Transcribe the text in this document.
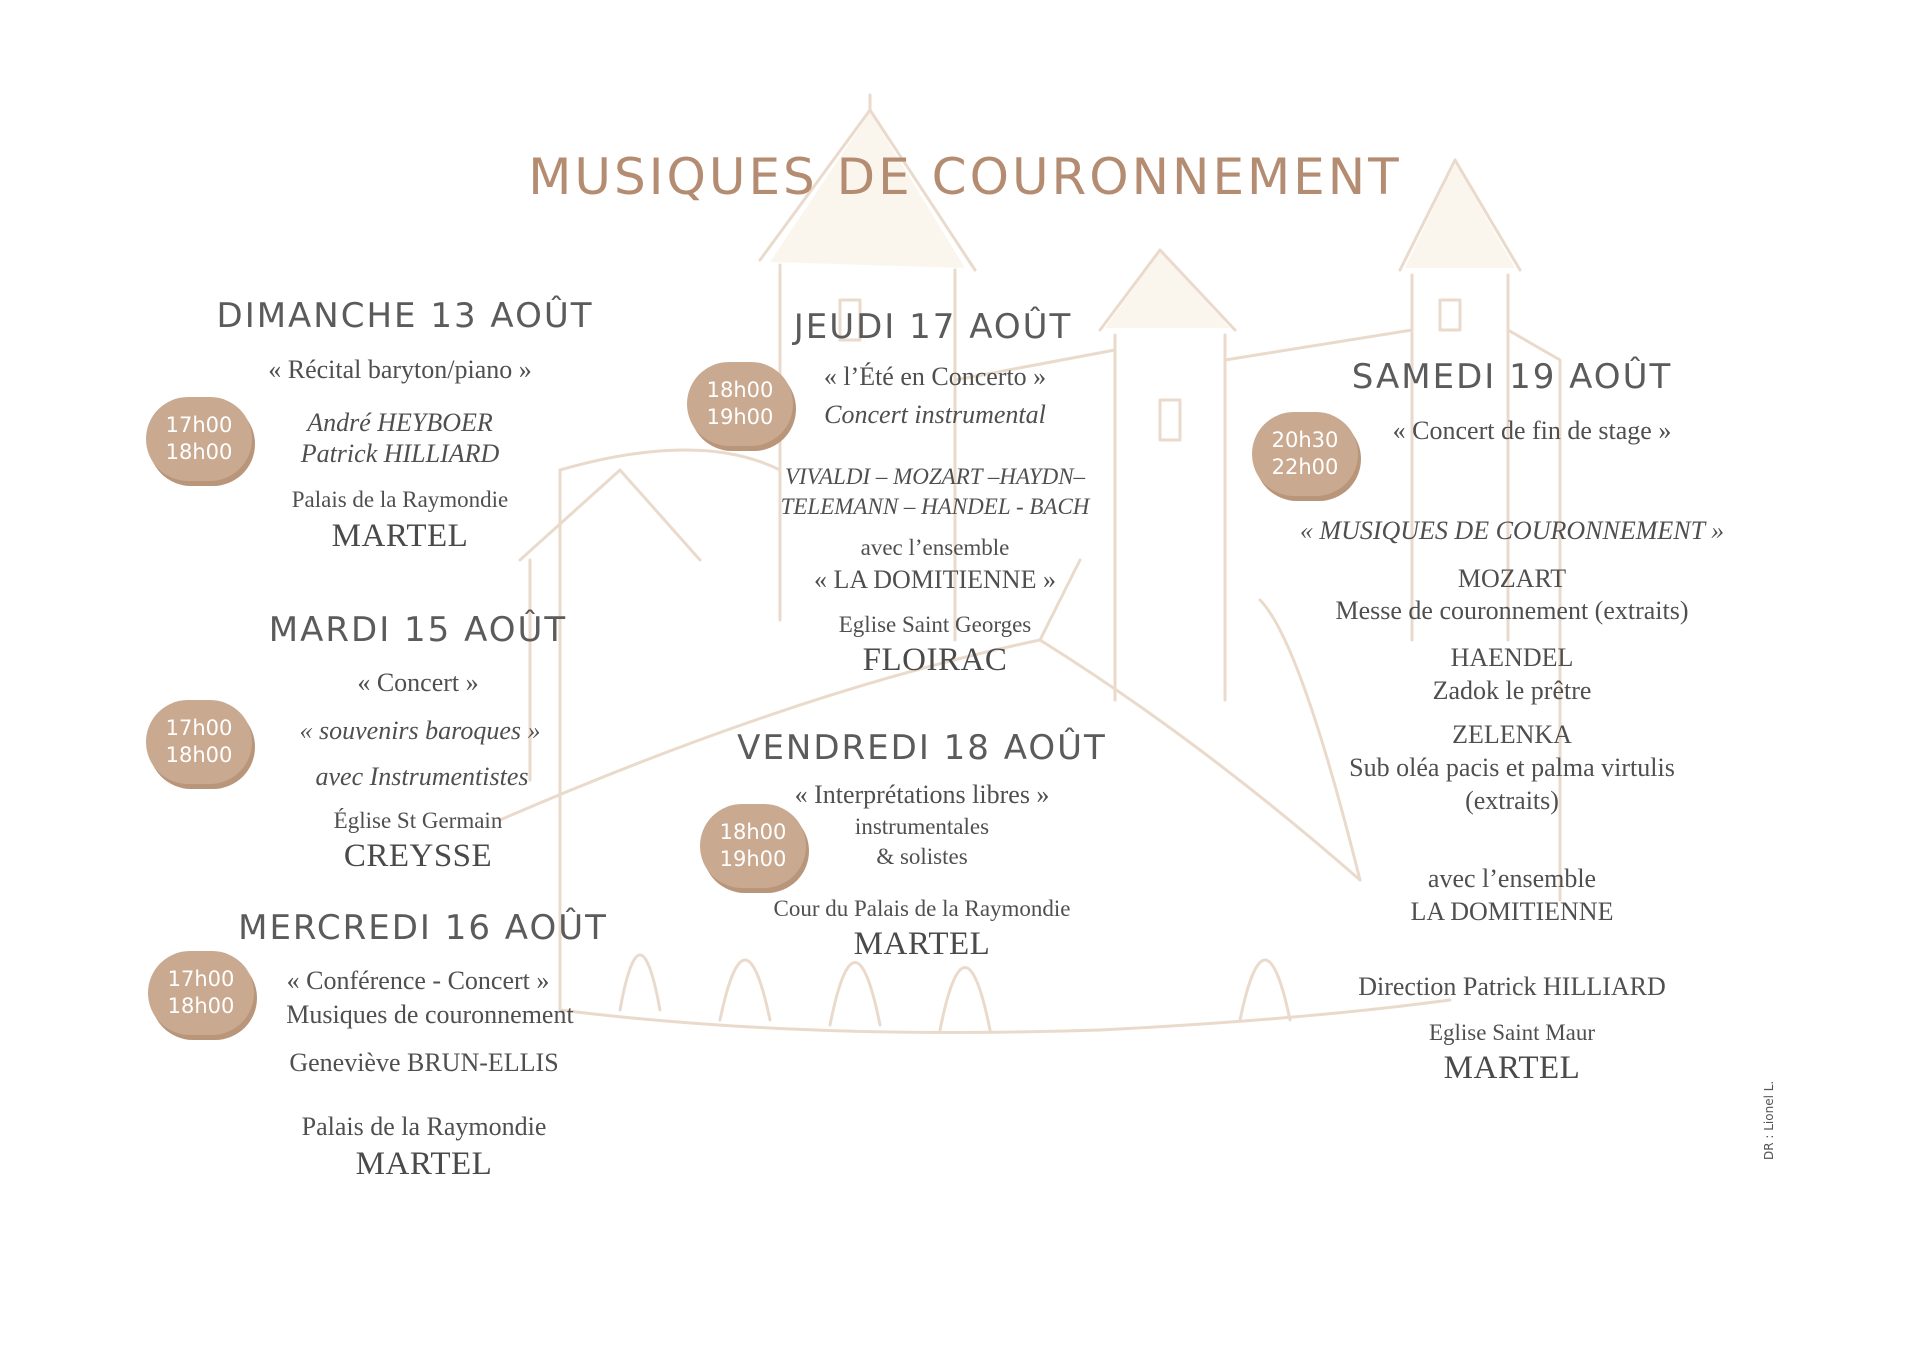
MUSIQUES DE COURONNEMENT
DIMANCHE 13 AOÛT
« Récital baryton/piano »
17h00
18h00
André HEYBOER
Patrick HILLIARD
Palais de la Raymondie
MARTEL
MARDI 15 AOÛT
« Concert »
17h00
18h00
« souvenirs baroques »
avec Instrumentistes
Église St Germain
CREYSSE
MERCREDI 16 AOÛT
17h00
18h00
« Conférence - Concert »
Musiques de couronnement
Geneviève BRUN-ELLIS
Palais de la Raymondie
MARTEL
JEUDI 17 AOÛT
18h00
19h00
« l’Été en Concerto »
Concert instrumental
VIVALDI – MOZART –HAYDN–
TELEMANN – HANDEL - BACH
avec l’ensemble
« LA DOMITIENNE »
Eglise Saint Georges
FLOIRAC
VENDREDI 18 AOÛT
« Interprétations libres »
18h00
19h00
instrumentales
& solistes
Cour du Palais de la Raymondie
MARTEL
SAMEDI 19 AOÛT
20h30
22h00
« Concert de fin de stage »
« MUSIQUES DE COURONNEMENT »
MOZART
Messe de couronnement (extraits)
HAENDEL
Zadok le prêtre
ZELENKA
Sub oléa pacis et palma virtulis
(extraits)
avec l’ensemble
LA DOMITIENNE
Direction Patrick HILLIARD
Eglise Saint Maur
MARTEL
DR : Lionel L.
